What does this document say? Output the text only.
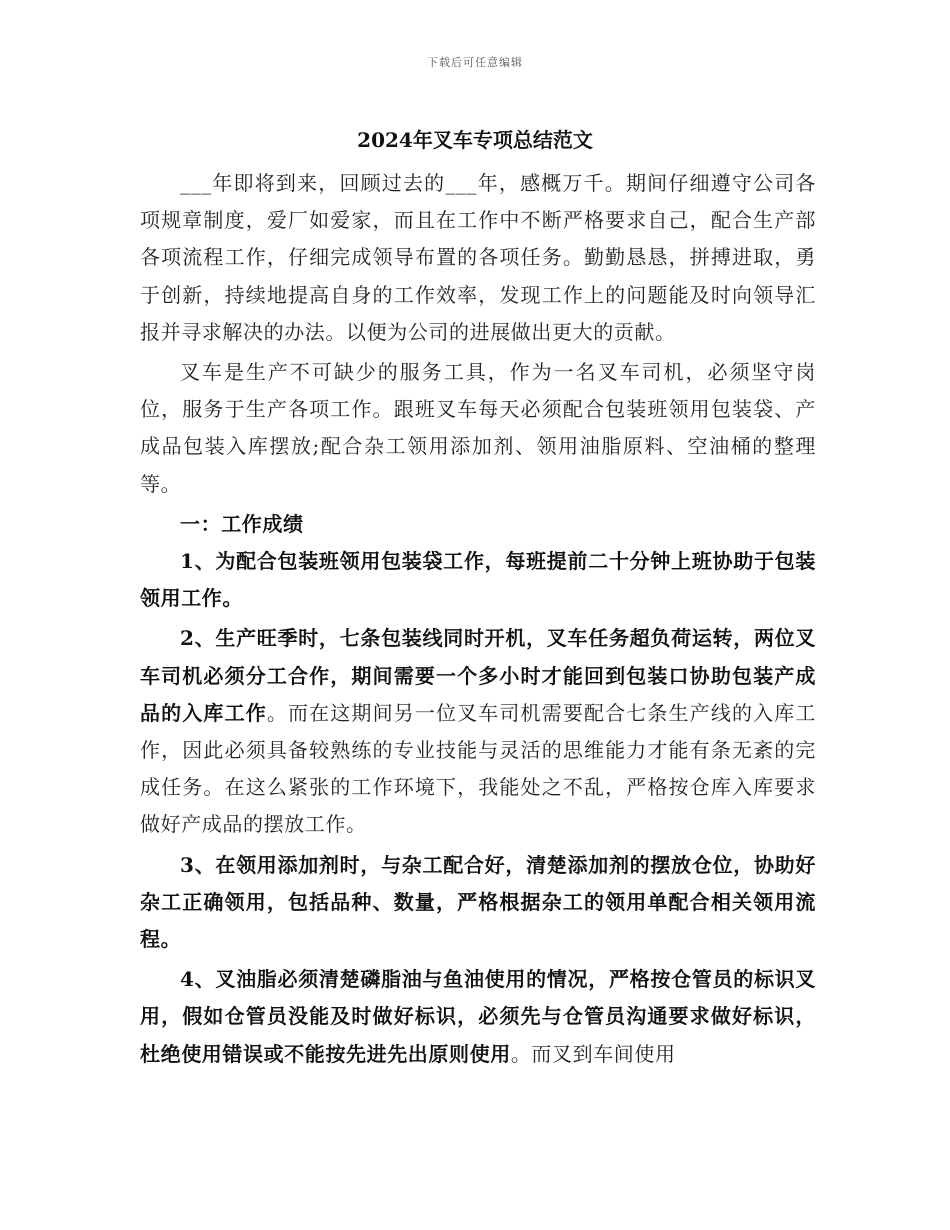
下载后可任意编辑
2024年叉车专项总结范文

___年即将到来，回顾过去的___年，感概万千。期间仔细遵守公司各项规章制度，爱厂如爱家，而且在工作中不断严格要求自己，配合生产部各项流程工作，仔细完成领导布置的各项任务。勤勤恳恳，拼搏进取，勇于创新，持续地提高自身的工作效率，发现工作上的问题能及时向领导汇报并寻求解决的办法。以便为公司的进展做出更大的贡献。

叉车是生产不可缺少的服务工具，作为一名叉车司机，必须坚守岗位，服务于生产各项工作。跟班叉车每天必须配合包装班领用包装袋、产成品包装入库摆放;配合杂工领用添加剂、领用油脂原料、空油桶的整理等。

一：工作成绩

1、为配合包装班领用包装袋工作，每班提前二十分钟上班协助于包装领用工作。

2、生产旺季时，七条包装线同时开机，叉车任务超负荷运转，两位叉车司机必须分工合作，期间需要一个多小时才能回到包装口协助包装产成品的入库工作。而在这期间另一位叉车司机需要配合七条生产线的入库工作，因此必须具备较熟练的专业技能与灵活的思维能力才能有条无紊的完成任务。在这么紧张的工作环境下，我能处之不乱，严格按仓库入库要求做好产成品的摆放工作。

3、在领用添加剂时，与杂工配合好，清楚添加剂的摆放仓位，协助好杂工正确领用，包括品种、数量，严格根据杂工的领用单配合相关领用流程。

4、叉油脂必须清楚磷脂油与鱼油使用的情况，严格按仓管员的标识叉用，假如仓管员没能及时做好标识，必须先与仓管员沟通要求做好标识，杜绝使用错误或不能按先进先出原则使用。而叉到车间使用
